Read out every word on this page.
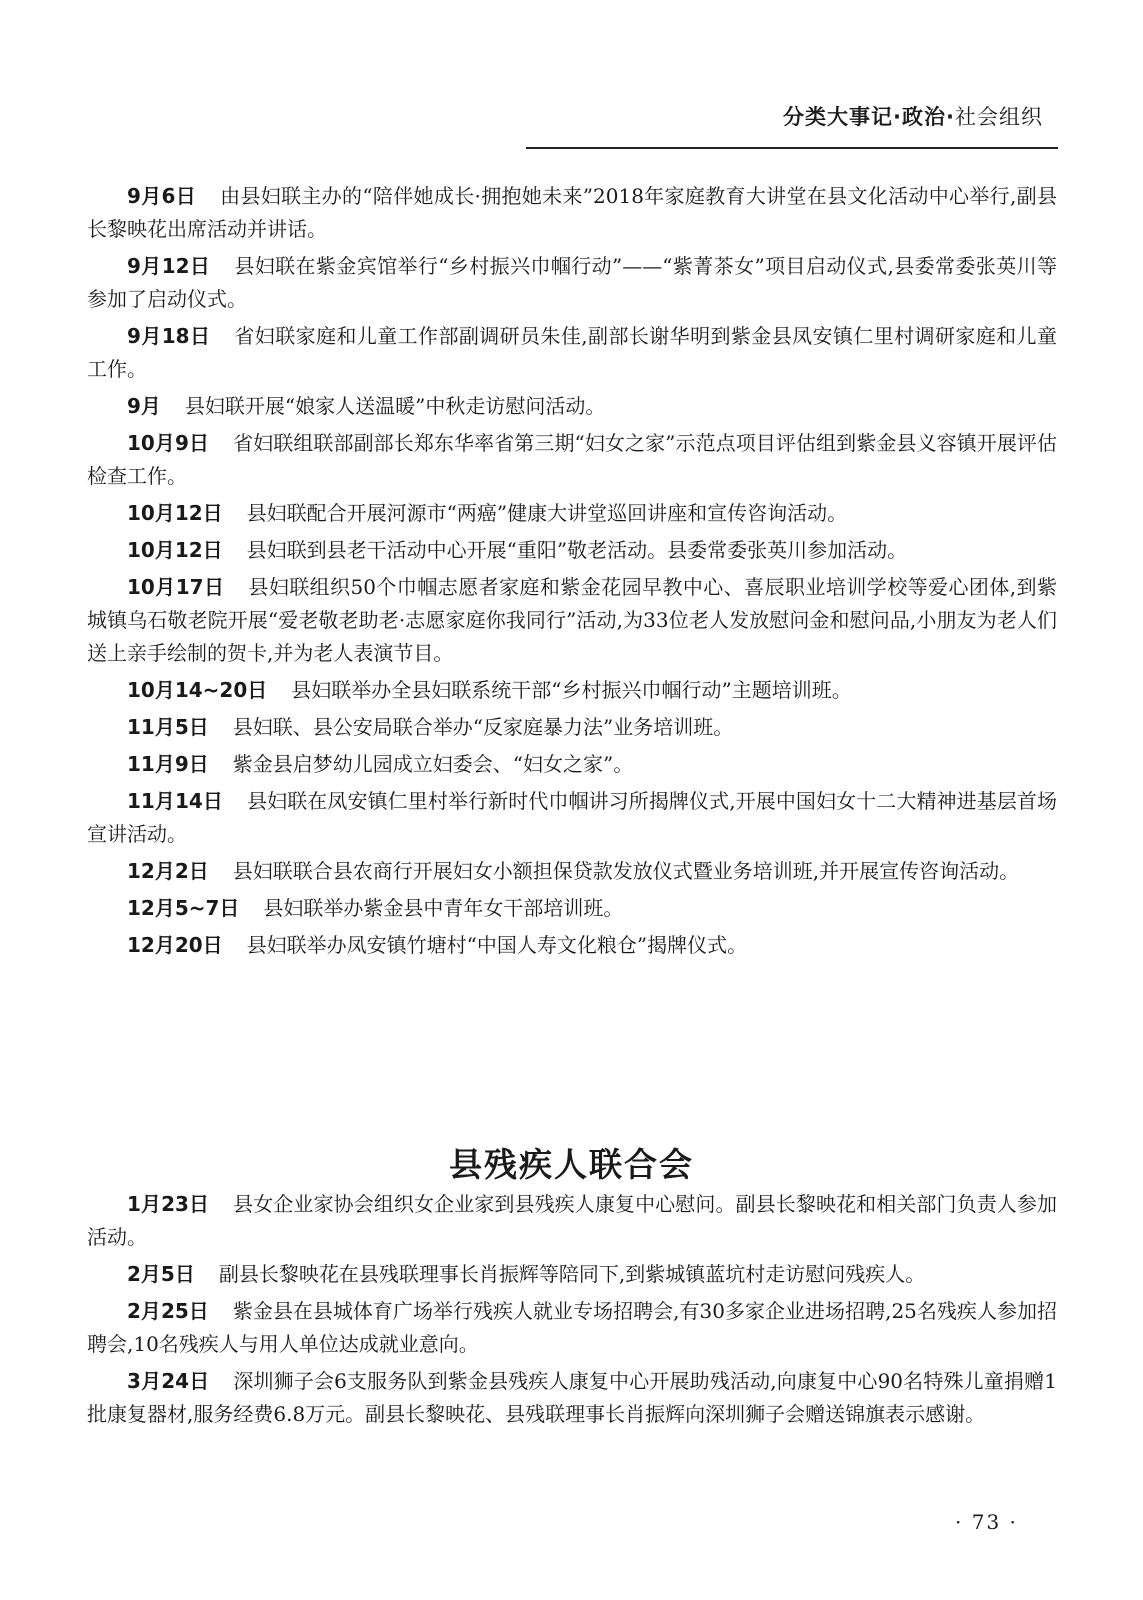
分类大事记·政治·社会组织

9月6日 由县妇联主办的“陪伴她成长·拥抱她未来”2018年家庭教育大讲堂在县文化活动中心举行,副县长黎映花出席活动并讲话。

9月12日 县妇联在紫金宾馆举行“乡村振兴巾帼行动”——“紫菁茶女”项目启动仪式,县委常委张英川等参加了启动仪式。

9月18日 省妇联家庭和儿童工作部副调研员朱佳,副部长谢华明到紫金县凤安镇仁里村调研家庭和儿童工作。

9月 县妇联开展“娘家人送温暖”中秋走访慰问活动。

10月9日 省妇联组联部副部长郑东华率省第三期“妇女之家”示范点项目评估组到紫金县义容镇开展评估检查工作。

10月12日 县妇联配合开展河源市“两癌”健康大讲堂巡回讲座和宣传咨询活动。

10月12日 县妇联到县老干活动中心开展“重阳”敬老活动。县委常委张英川参加活动。

10月17日 县妇联组织50个巾帼志愿者家庭和紫金花园早教中心、喜辰职业培训学校等爱心团体,到紫城镇乌石敬老院开展“爱老敬老助老·志愿家庭你我同行”活动,为33位老人发放慰问金和慰问品,小朋友为老人们送上亲手绘制的贺卡,并为老人表演节目。

10月14~20日 县妇联举办全县妇联系统干部“乡村振兴巾帼行动”主题培训班。

11月5日 县妇联、县公安局联合举办“反家庭暴力法”业务培训班。

11月9日 紫金县启梦幼儿园成立妇委会、“妇女之家”。

11月14日 县妇联在凤安镇仁里村举行新时代巾帼讲习所揭牌仪式,开展中国妇女十二大精神进基层首场宣讲活动。

12月2日 县妇联联合县农商行开展妇女小额担保贷款发放仪式暨业务培训班,并开展宣传咨询活动。

12月5~7日 县妇联举办紫金县中青年女干部培训班。

12月20日 县妇联举办凤安镇竹塘村“中国人寿文化粮仓”揭牌仪式。

县残疾人联合会

1月23日 县女企业家协会组织女企业家到县残疾人康复中心慰问。副县长黎映花和相关部门负责人参加活动。

2月5日 副县长黎映花在县残联理事长肖振辉等陪同下,到紫城镇蓝坑村走访慰问残疾人。

2月25日 紫金县在县城体育广场举行残疾人就业专场招聘会,有30多家企业进场招聘,25名残疾人参加招聘会,10名残疾人与用人单位达成就业意向。

3月24日 深圳狮子会6支服务队到紫金县残疾人康复中心开展助残活动,向康复中心90名特殊儿童捐赠1批康复器材,服务经费6.8万元。副县长黎映花、县残联理事长肖振辉向深圳狮子会赠送锦旗表示感谢。

· 73 ·
